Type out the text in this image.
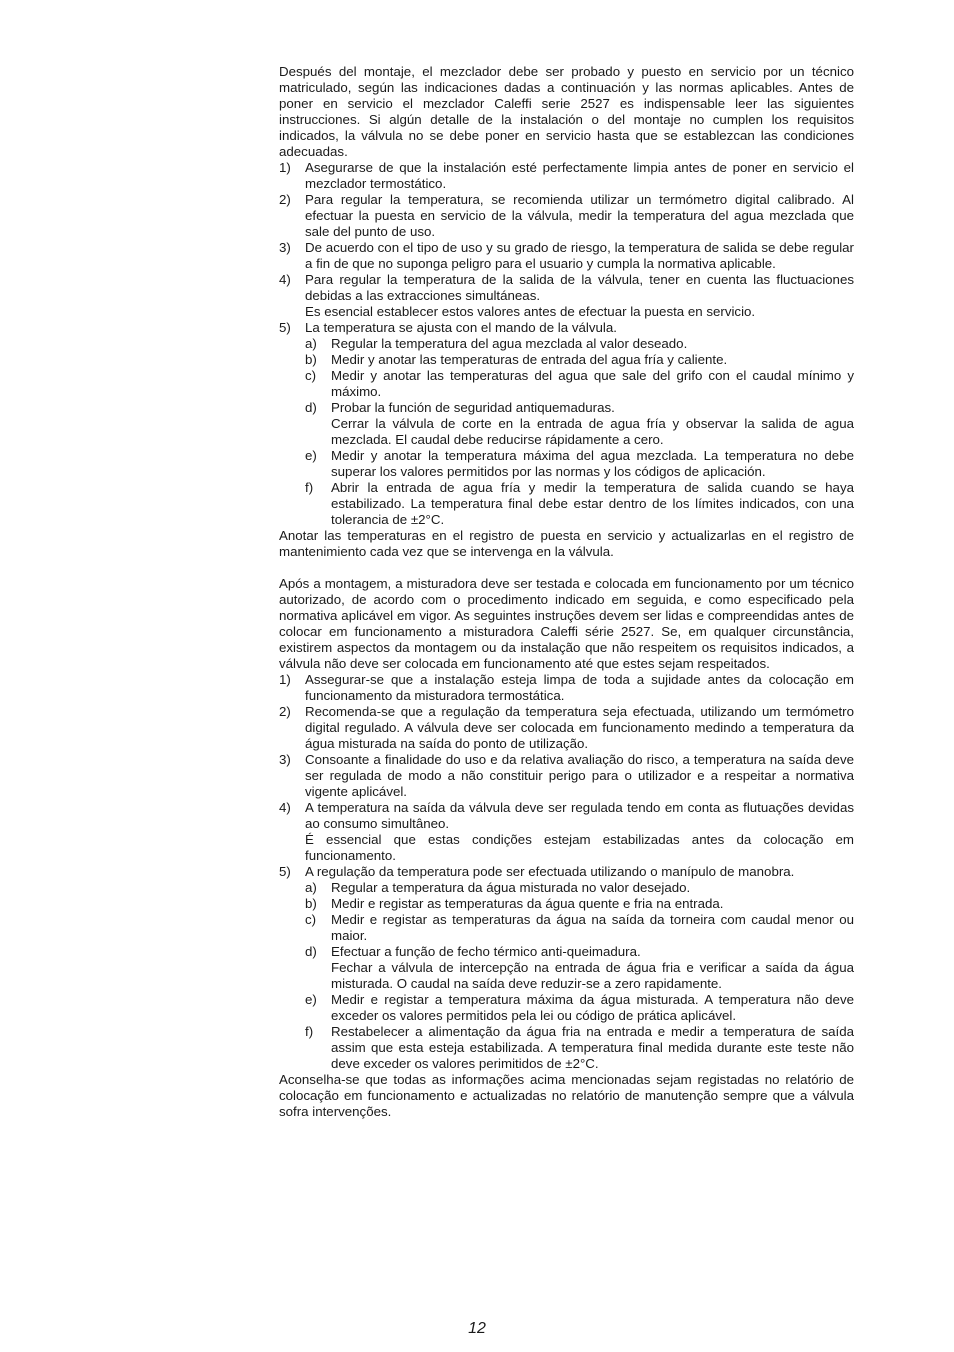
Después del montaje, el mezclador debe ser probado y puesto en servicio por un técnico matriculado, según las indicaciones dadas a continuación y las normas aplicables. Antes de poner en servicio el mezclador Caleffi serie 2527 es indispensable leer las siguientes instrucciones. Si algún detalle de la instalación o del montaje no cumplen los requisitos indicados, la válvula no se debe poner en servicio hasta que se establezcan las condiciones adecuadas.

1) Asegurarse de que la instalación esté perfectamente limpia antes de poner en servicio el mezclador termostático.
2) Para regular la temperatura, se recomienda utilizar un termómetro digital calibrado. Al efectuar la puesta en servicio de la válvula, medir la temperatura del agua mezclada que sale del punto de uso.
3) De acuerdo con el tipo de uso y su grado de riesgo, la temperatura de salida se debe regular a fin de que no suponga peligro para el usuario y cumpla la normativa aplicable.
4) Para regular la temperatura de la salida de la válvula, tener en cuenta las fluctuaciones debidas a las extracciones simultáneas.
Es esencial establecer estos valores antes de efectuar la puesta en servicio.
5) La temperatura se ajusta con el mando de la válvula.
a) Regular la temperatura del agua mezclada al valor deseado.
b) Medir y anotar las temperaturas de entrada del agua fría y caliente.
c) Medir y anotar las temperaturas del agua que sale del grifo con el caudal mínimo y máximo.
d) Probar la función de seguridad antiquemaduras.
Cerrar la válvula de corte en la entrada de agua fría y observar la salida de agua mezclada. El caudal debe reducirse rápidamente a cero.
e) Medir y anotar la temperatura máxima del agua mezclada. La temperatura no debe superar los valores permitidos por las normas y los códigos de aplicación.
f) Abrir la entrada de agua fría y medir la temperatura de salida cuando se haya estabilizado. La temperatura final debe estar dentro de los límites indicados, con una tolerancia de ±2°C.

Anotar las temperaturas en el registro de puesta en servicio y actualizarlas en el registro de mantenimiento cada vez que se intervenga en la válvula.

Após a montagem, a misturadora deve ser testada e colocada em funcionamento por um técnico autorizado, de acordo com o procedimento indicado em seguida, e como especificado pela normativa aplicável em vigor. As seguintes instruções devem ser lidas e compreendidas antes de colocar em funcionamento a misturadora Caleffi série 2527. Se, em qualquer circunstância, existirem aspectos da montagem ou da instalação que não respeitem os requisitos indicados, a válvula não deve ser colocada em funcionamento até que estes sejam respeitados.

1) Assegurar-se que a instalação esteja limpa de toda a sujidade antes da colocação em funcionamento da misturadora termostática.
2) Recomenda-se que a regulação da temperatura seja efectuada, utilizando um termómetro digital regulado. A válvula deve ser colocada em funcionamento medindo a temperatura da água misturada na saída do ponto de utilização.
3) Consoante a finalidade do uso e da relativa avaliação do risco, a temperatura na saída deve ser regulada de modo a não constituir perigo para o utilizador e a respeitar a normativa vigente aplicável.
4) A temperatura na saída da válvula deve ser regulada tendo em conta as flutuações devidas ao consumo simultâneo.
É essencial que estas condições estejam estabilizadas antes da colocação em funcionamento.
5) A regulação da temperatura pode ser efectuada utilizando o manípulo de manobra.
a) Regular a temperatura da água misturada no valor desejado.
b) Medir e registar as temperaturas da água quente e fria na entrada.
c) Medir e registar as temperaturas da água na saída da torneira com caudal menor ou maior.
d) Efectuar a função de fecho térmico anti-queimadura.
Fechar a válvula de intercepção na entrada de água fria e verificar a saída da água misturada. O caudal na saída deve reduzir-se a zero rapidamente.
e) Medir e registar a temperatura máxima da água misturada. A temperatura não deve exceder os valores permitidos pela lei ou código de prática aplicável.
f) Restabelecer a alimentação da água fria na entrada e medir a temperatura de saída assim que esta esteja estabilizada. A temperatura final medida durante este teste não deve exceder os valores perimitidos de ±2°C.

Aconselha-se que todas as informações acima mencionadas sejam registadas no relatório de colocação em funcionamento e actualizadas no relatório de manutenção sempre que a válvula sofra intervenções.

12
